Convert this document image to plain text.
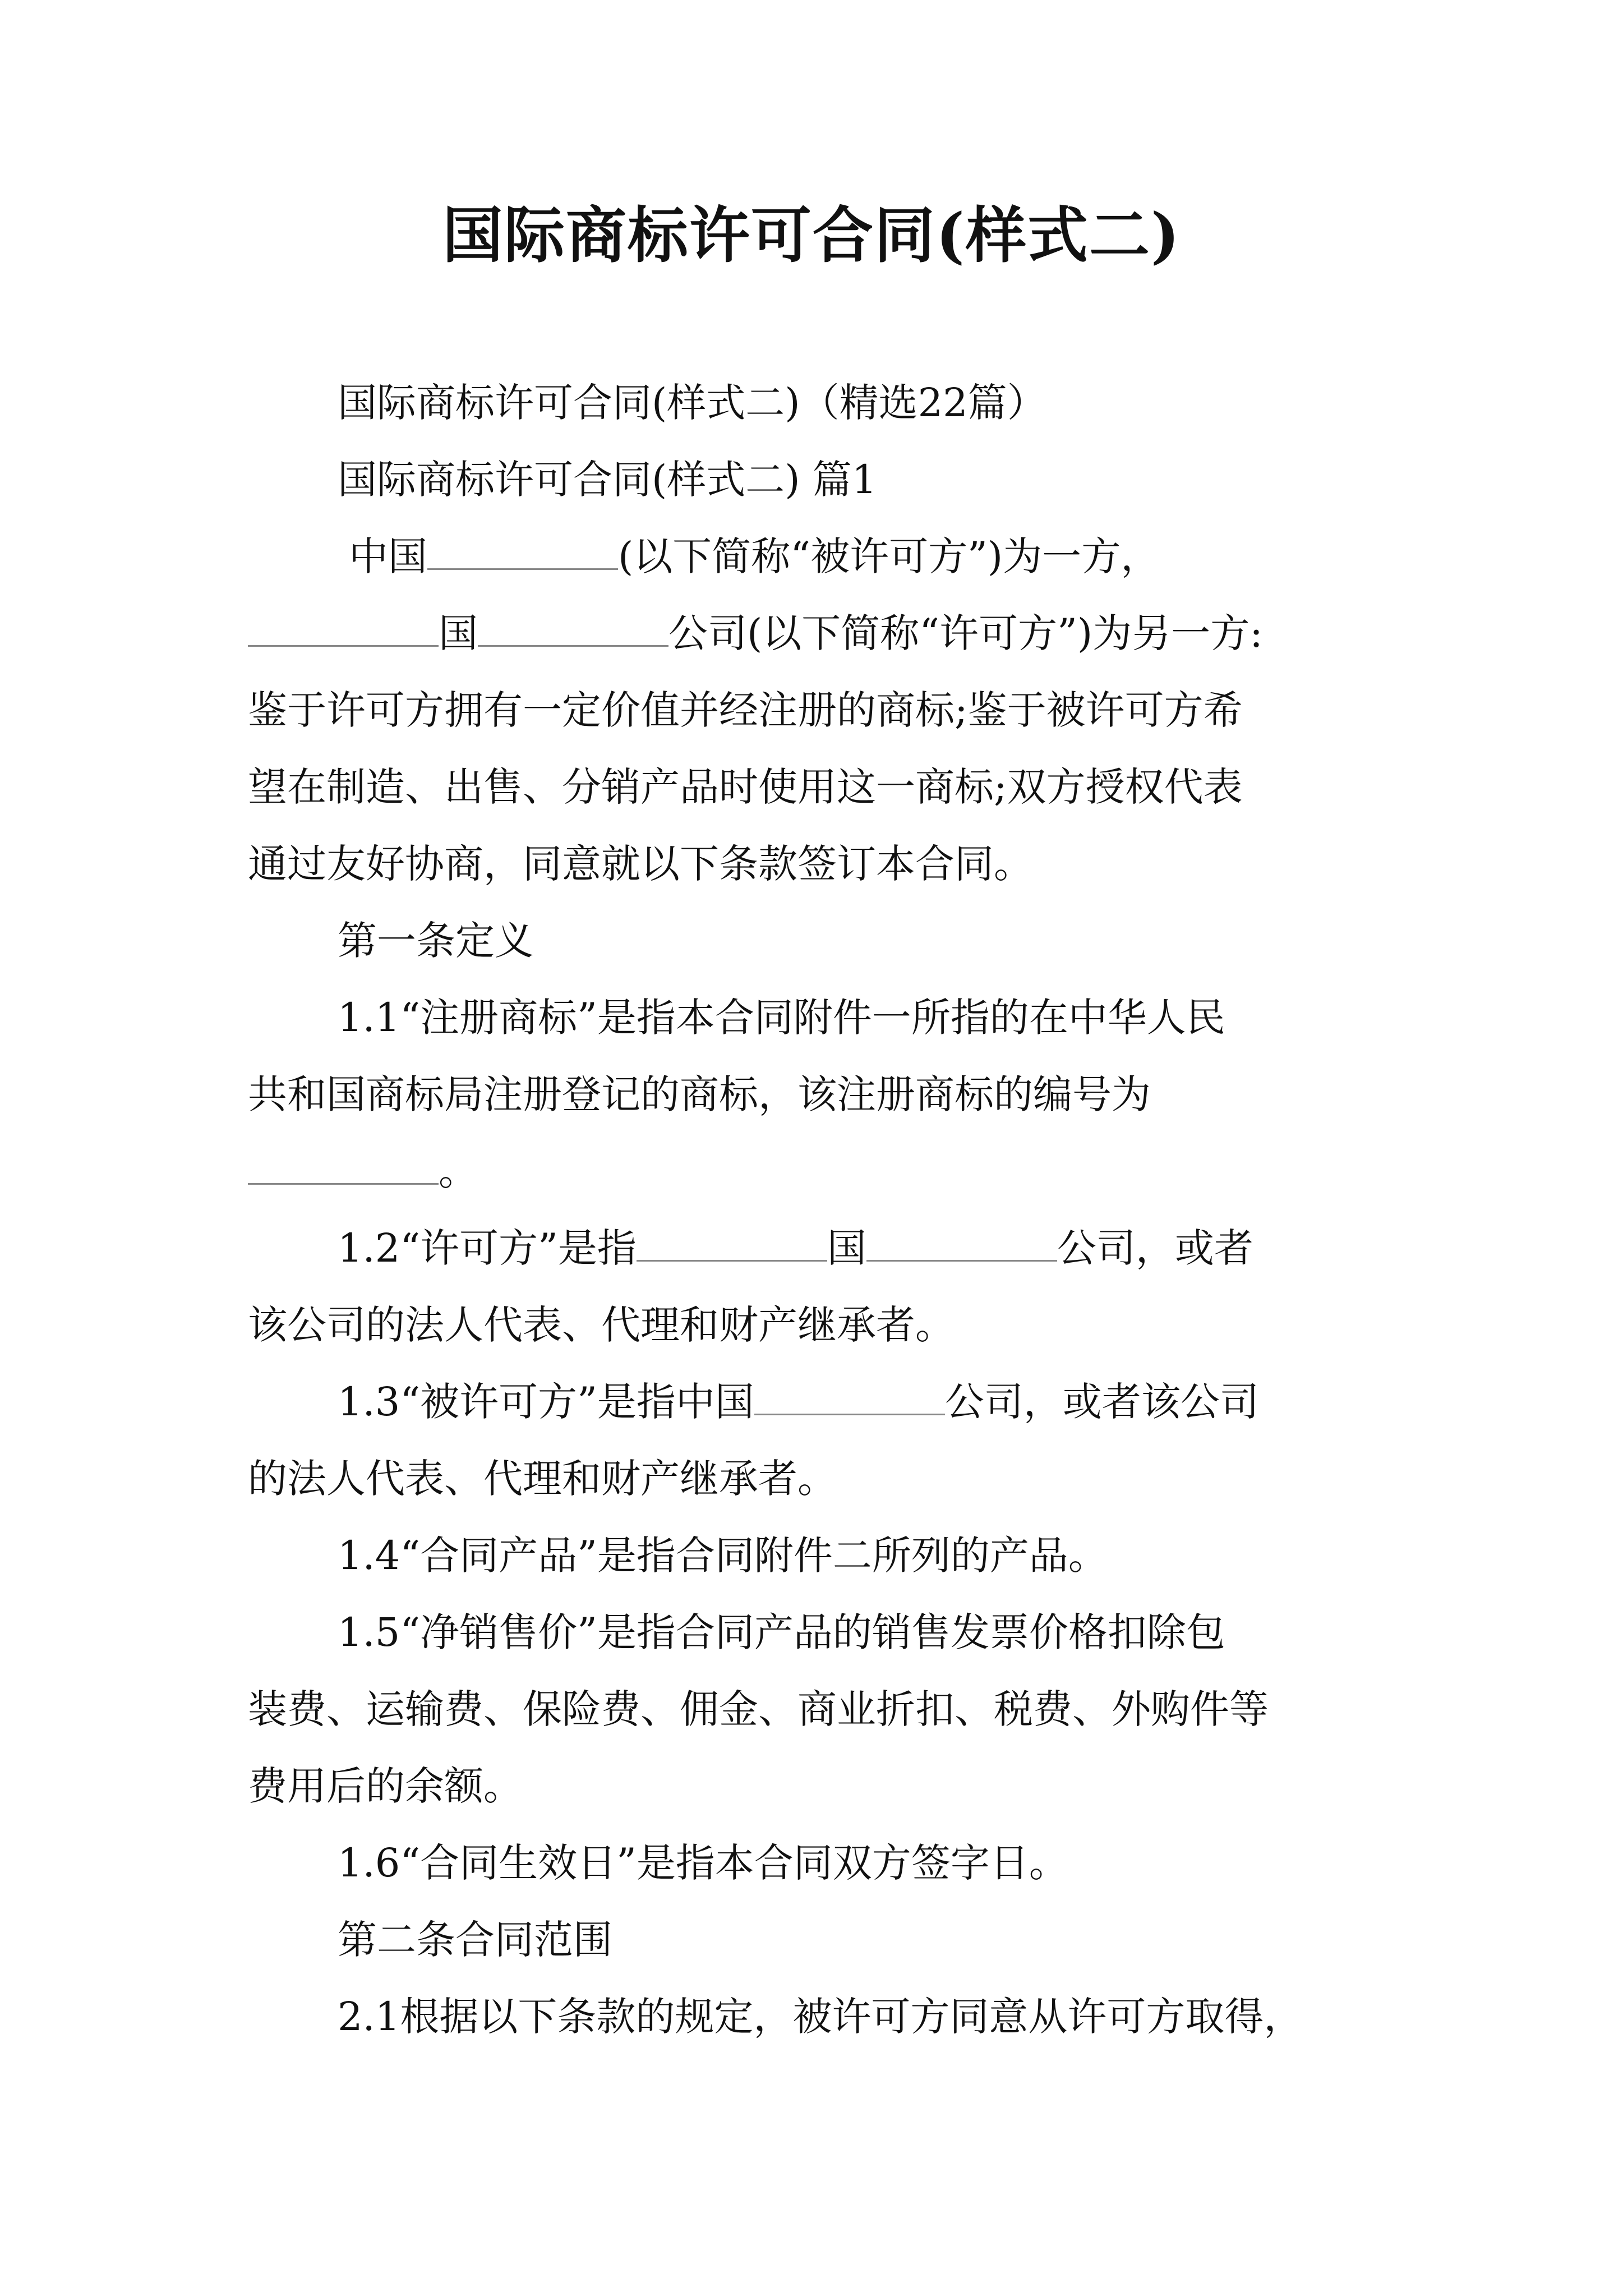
国际商标许可合同(样式二)
国际商标许可合同(样式二)（精选22篇）
国际商标许可合同(样式二) 篇1
中国	(以下简称“被许可方”)为一方，
国	公司(以下简称“许可方”)为另一方:
鉴于许可方拥有一定价值并经注册的商标;鉴于被许可方希
望在制造、出售、分销产品时使用这一商标;双方授权代表
通过友好协商，同意就以下条款签订本合同。
第一条定义
1.1“注册商标”是指本合同附件一所指的在中华人民
共和国商标局注册登记的商标，该注册商标的编号为
。
1.2“许可方”是指	国	公司，或者
该公司的法人代表、代理和财产继承者。
1.3“被许可方”是指中国	公司，或者该公司
的法人代表、代理和财产继承者。
1.4“合同产品”是指合同附件二所列的产品。
1.5“净销售价”是指合同产品的销售发票价格扣除包
装费、运输费、保险费、佣金、商业折扣、税费、外购件等
费用后的余额。
1.6“合同生效日”是指本合同双方签字日。
第二条合同范围
2.1根据以下条款的规定，被许可方同意从许可方取得，
